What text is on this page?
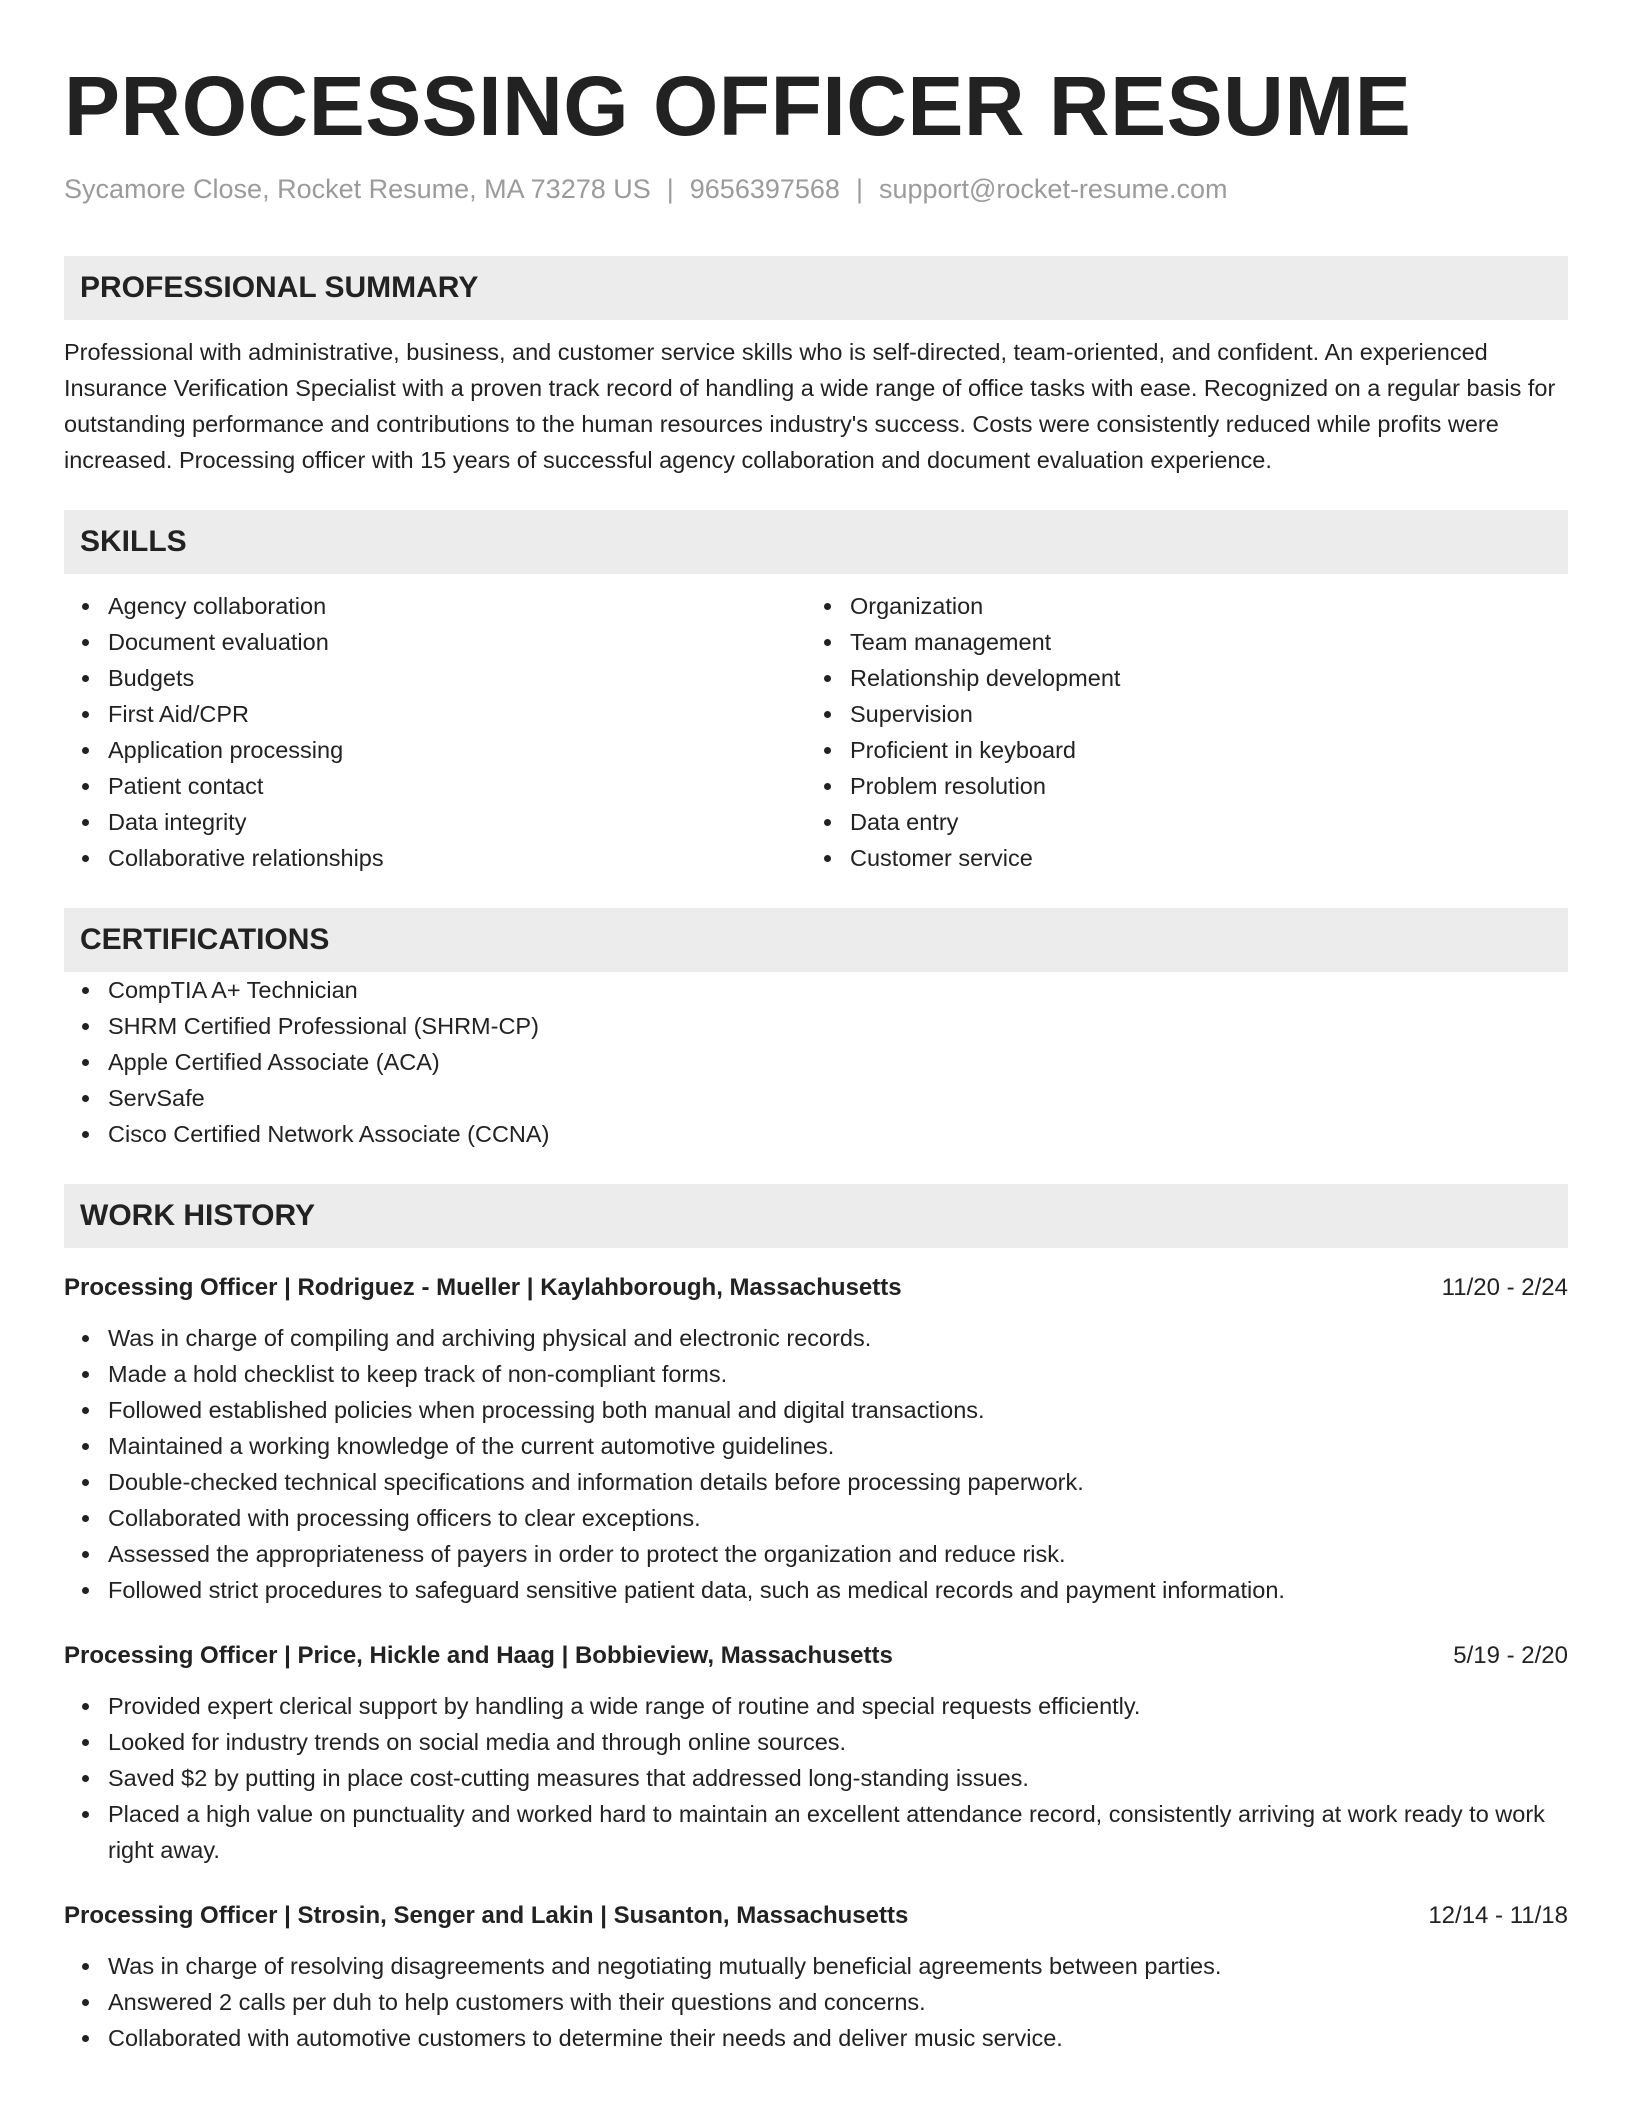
PROCESSING OFFICER RESUME
Sycamore Close, Rocket Resume, MA 73278 US | 9656397568 | support@rocket-resume.com
PROFESSIONAL SUMMARY
Professional with administrative, business, and customer service skills who is self-directed, team-oriented, and confident. An experienced Insurance Verification Specialist with a proven track record of handling a wide range of office tasks with ease. Recognized on a regular basis for outstanding performance and contributions to the human resources industry's success. Costs were consistently reduced while profits were increased. Processing officer with 15 years of successful agency collaboration and document evaluation experience.
SKILLS
Agency collaboration
Document evaluation
Budgets
First Aid/CPR
Application processing
Patient contact
Data integrity
Collaborative relationships
Organization
Team management
Relationship development
Supervision
Proficient in keyboard
Problem resolution
Data entry
Customer service
CERTIFICATIONS
CompTIA A+ Technician
SHRM Certified Professional (SHRM-CP)
Apple Certified Associate (ACA)
ServSafe
Cisco Certified Network Associate (CCNA)
WORK HISTORY
Processing Officer | Rodriguez - Mueller | Kaylahborough, Massachusetts	11/20 - 2/24
Was in charge of compiling and archiving physical and electronic records.
Made a hold checklist to keep track of non-compliant forms.
Followed established policies when processing both manual and digital transactions.
Maintained a working knowledge of the current automotive guidelines.
Double-checked technical specifications and information details before processing paperwork.
Collaborated with processing officers to clear exceptions.
Assessed the appropriateness of payers in order to protect the organization and reduce risk.
Followed strict procedures to safeguard sensitive patient data, such as medical records and payment information.
Processing Officer | Price, Hickle and Haag | Bobbieview, Massachusetts	5/19 - 2/20
Provided expert clerical support by handling a wide range of routine and special requests efficiently.
Looked for industry trends on social media and through online sources.
Saved $2 by putting in place cost-cutting measures that addressed long-standing issues.
Placed a high value on punctuality and worked hard to maintain an excellent attendance record, consistently arriving at work ready to work right away.
Processing Officer | Strosin, Senger and Lakin | Susanton, Massachusetts	12/14 - 11/18
Was in charge of resolving disagreements and negotiating mutually beneficial agreements between parties.
Answered 2 calls per duh to help customers with their questions and concerns.
Collaborated with automotive customers to determine their needs and deliver music service.
